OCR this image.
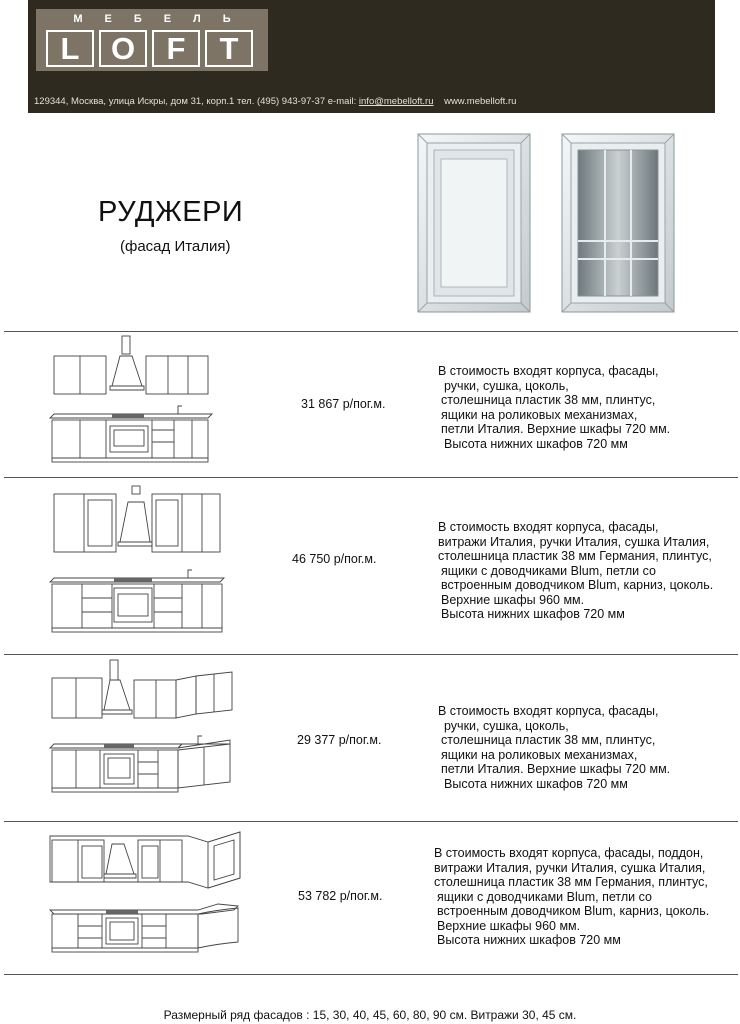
МЕБЕЛЬ
L	O	F	T
129344, Москва, улица Искры, дом 31, корп.1 тел. (495) 943-97-37 e-mail: info@mebelloft.ru www.mebelloft.ru
РУДЖЕРИ
(фасад Италия)
31 867 р/пог.м.
В стоимость входят корпуса, фасады,
ручки, сушка, цоколь,
столешница пластик 38 мм, плинтус,
ящики на роликовых механизмах,
петли Италия. Верхние шкафы 720 мм.
Высота нижних шкафов 720 мм
46 750 р/пог.м.
В стоимость входят корпуса, фасады,
витражи Италия, ручки Италия, сушка Италия,
столешница пластик 38 мм Германия, плинтус,
ящики с доводчиками Blum, петли со
встроенным доводчиком Blum, карниз, цоколь.
Верхние шкафы 960 мм.
Высота нижних шкафов 720 мм
29 377 р/пог.м.
В стоимость входят корпуса, фасады,
ручки, сушка, цоколь,
столешница пластик 38 мм, плинтус,
ящики на роликовых механизмах,
петли Италия. Верхние шкафы 720 мм.
Высота нижних шкафов 720 мм
53 782 р/пог.м.
В стоимость входят корпуса, фасады, поддон,
витражи Италия, ручки Италия, сушка Италия,
столешница пластик 38 мм Германия, плинтус,
ящики с доводчиками Blum, петли со
встроенным доводчиком Blum, карниз, цоколь.
Верхние шкафы 960 мм.
Высота нижних шкафов 720 мм
Размерный ряд фасадов : 15, 30, 40, 45, 60, 80, 90 см. Витражи 30, 45 см.
